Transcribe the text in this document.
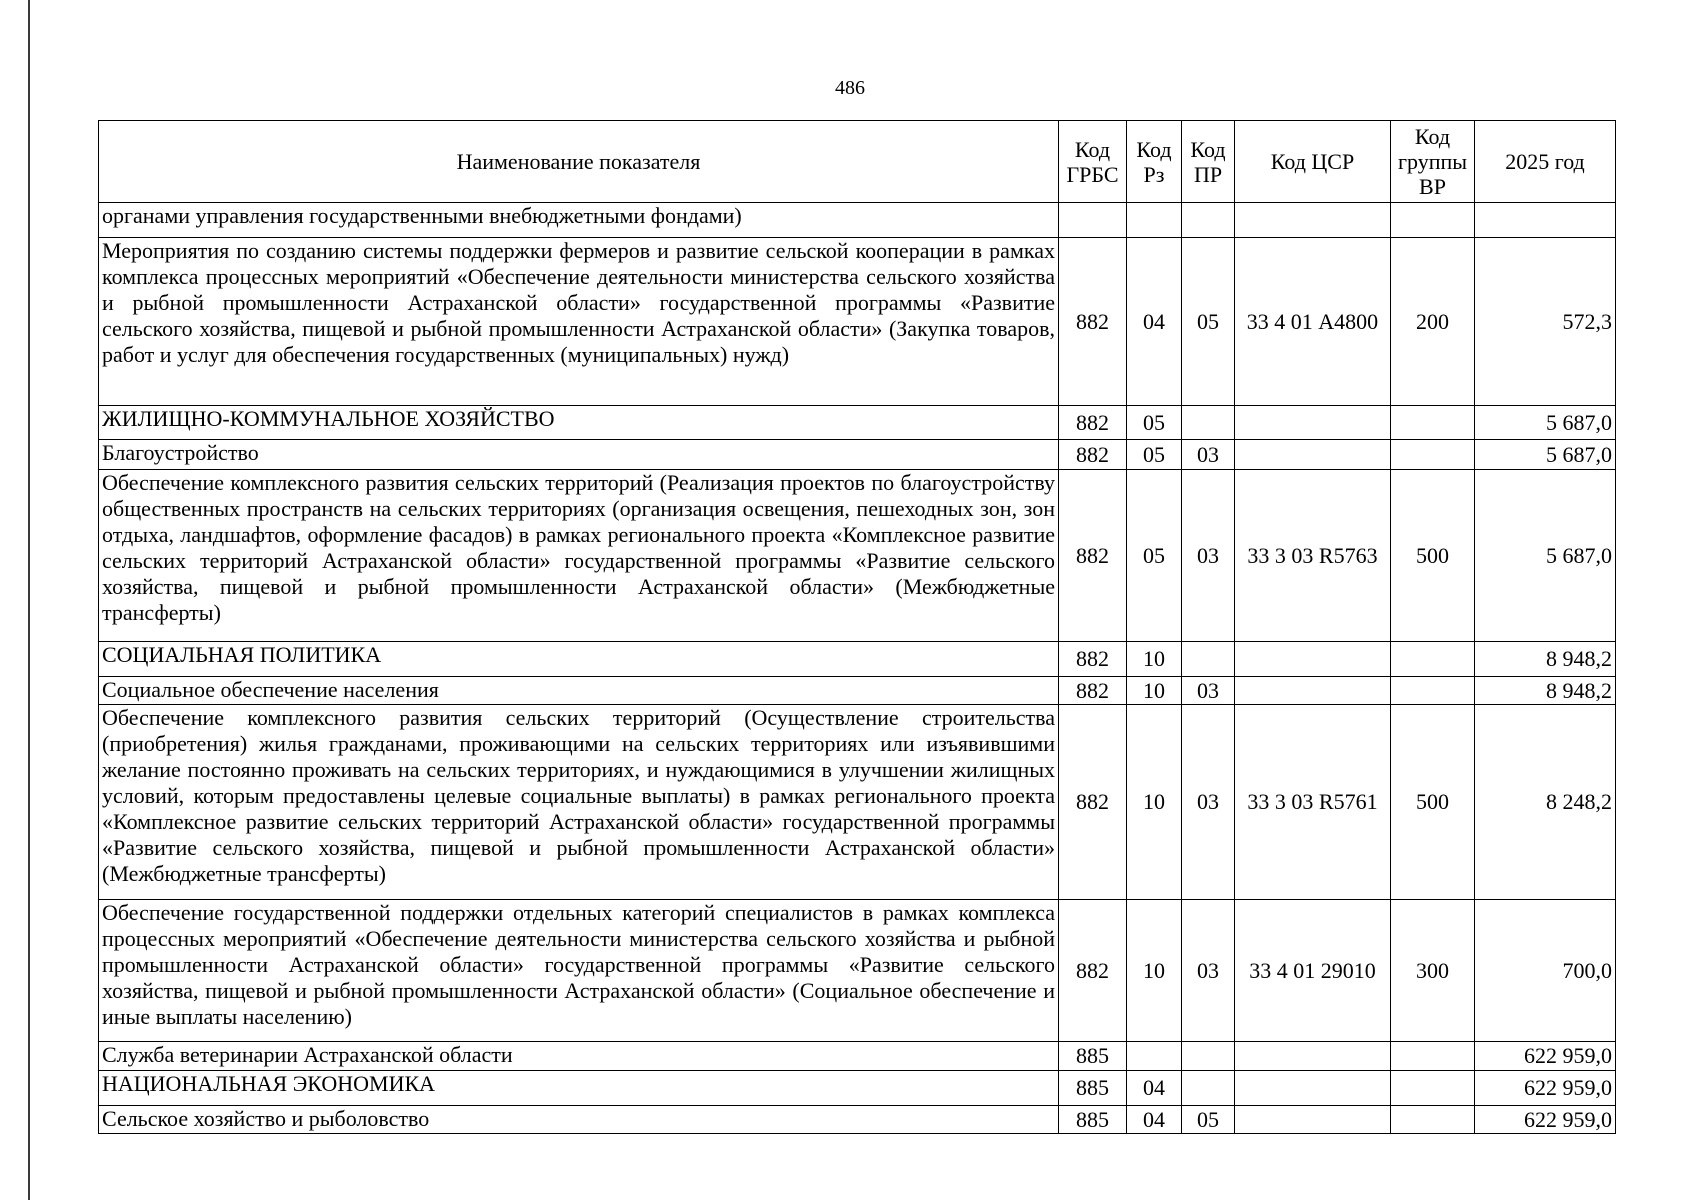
486
Наименование показателя	Код ГРБС	Код Рз	Код ПР	Код ЦСР	Код группы ВР	2025 год
органами управления государственными внебюджетными фондами)						
Мероприятия по созданию системы поддержки фермеров и развитие сельской кооперации в рамках комплекса процессных мероприятий «Обеспечение деятельности министерства сельского хозяйства и рыбной промышленности Астраханской области» государственной программы «Развитие сельского хозяйства, пищевой и рыбной промышленности Астраханской области» (Закупка товаров, работ и услуг для обеспечения государственных (муниципальных) нужд)	882	04	05	33 4 01 А4800	200	572,3
ЖИЛИЩНО-КОММУНАЛЬНОЕ ХОЗЯЙСТВО	882	05				5 687,0
Благоустройство	882	05	03			5 687,0
Обеспечение комплексного развития сельских территорий (Реализация проектов по благоустройству общественных пространств на сельских территориях (организация освещения, пешеходных зон, зон отдыха, ландшафтов, оформление фасадов) в рамках регионального проекта «Комплексное развитие сельских территорий Астраханской области» государственной программы «Развитие сельского хозяйства, пищевой и рыбной промышленности Астраханской области» (Межбюджетные трансферты)	882	05	03	33 3 03 R5763	500	5 687,0
СОЦИАЛЬНАЯ ПОЛИТИКА	882	10				8 948,2
Социальное обеспечение населения	882	10	03			8 948,2
Обеспечение комплексного развития сельских территорий (Осуществление строительства (приобретения) жилья гражданами, проживающими на сельских территориях или изъявившими желание постоянно проживать на сельских территориях, и нуждающимися в улучшении жилищных условий, которым предоставлены целевые социальные выплаты) в рамках регионального проекта «Комплексное развитие сельских территорий Астраханской области» государственной программы «Развитие сельского хозяйства, пищевой и рыбной промышленности Астраханской области» (Межбюджетные трансферты)	882	10	03	33 3 03 R5761	500	8 248,2
Обеспечение государственной поддержки отдельных категорий специалистов в рамках комплекса процессных мероприятий «Обеспечение деятельности министерства сельского хозяйства и рыбной промышленности Астраханской области» государственной программы «Развитие сельского хозяйства, пищевой и рыбной промышленности Астраханской области» (Социальное обеспечение и иные выплаты населению)	882	10	03	33 4 01 29010	300	700,0
Служба ветеринарии Астраханской области	885					622 959,0
НАЦИОНАЛЬНАЯ ЭКОНОМИКА	885	04				622 959,0
Сельское хозяйство и рыболовство	885	04	05			622 959,0
